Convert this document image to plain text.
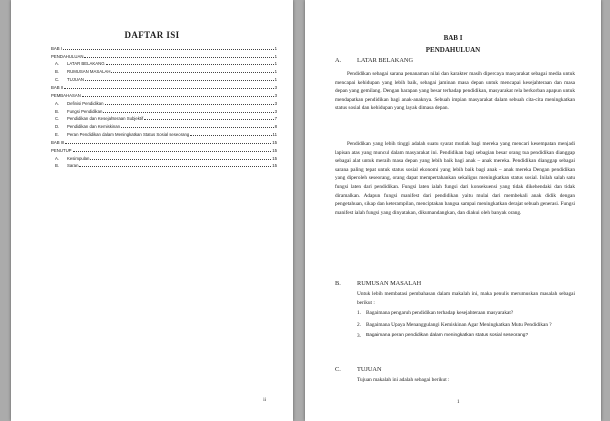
DAFTAR ISI
BAB I	1
PENDAHULUAN	1
A.	LATAR BELAKANG	1
B.	RUMUSAN MASALAH	1
C.	TUJUAN	1
BAB II	3
PEMBAHASAN	3
A.	Definisi Pendidikan	3
B.	Fungsi Pendidikan	3
C.	Pendidikan dan Kesejahteraan Subjektif	7
D.	Pendidikan dan Kemiskinan	8
E.	Peran Pendidikan dalam Meningkatkan Status Sosial seseorang	11
BAB III	15
PENUTUP	15
A.	Kesimpulan	15
B.	Saran	15
ii
BAB I
PENDAHULUAN
A.	LATAR BELAKANG
Pendidikan sebagai sarana penanaman nilai dan karakter masih dipercaya masyarakat sebagai media untuk mencapai kehidupan yang lebih baik, sebagai jaminan masa depan untuk mencapai kesejahteraan dan masa depan yang gemilang. Dengan harapan yang besar terhadap pendidikan, masyarakat rela berkorban apapun untuk mendapatkan pendidikan bagi anak-anaknya. Sebuah impian masyarakat dalam sebuah cita-cita meningkatkan status sosial dan kehidupan yang layak dimasa depan.
Pendidikan yang lebih tinggi adalah suatu syarat mutlak bagi mereka yang mencari kesempatan menjadi lapisan atas yang muncul dalam masyarakat ini. Pendidikan bagi sebagian besar orang tua pendidikan dianggap sebagai alat untuk meraih masa depan yang lebih baik bagi anak – anak mereka. Pendidikan dianggap sebagai sarana paling tepat untuk status sosial ekonomi yang lebih baik bagi anak – anak mereka Dengan pendidikan yang diperoleh seseorang, orang dapat mempertahankan sekaligus meningkatkan status sosial. Inilah salah satu fungsi laten dari pendidikan. Fungsi laten ialah fungsi dari konsekuensi yang tidak dikehendaki dan tidak diramalkan. Adapun fungsi manifest dari pendidikan yaitu mulai dari membekali anak didik dengan pengetahuan, sikap dan keterampilan, menciptakan bangsa sampai meningkatkan derajat sebuah generasi. Fungsi manifest ialah fungsi yang dinyatakan, dikumandangkan, dan diakui oleh banyak orang.
B.	RUMUSAN MASALAH
Untuk lebih membatasi pembahasan dalam makalah ini, maka penulis merumuskan masalah sebagai berikut :
1. Bagaimana pengaruh pendidikan terhadap kesejahteraan masyarakat?
2. Bagaimana Upaya Menanggulangi Kemiskinan Agar Meningkatkan Mutu Pendidikan ?
3.	Bagaimana peran pendidikan dalam meningkatkan status sosial seseorang?
C.	TUJUAN
Tujuan makalah ini adalah sebagai berikut :
1
